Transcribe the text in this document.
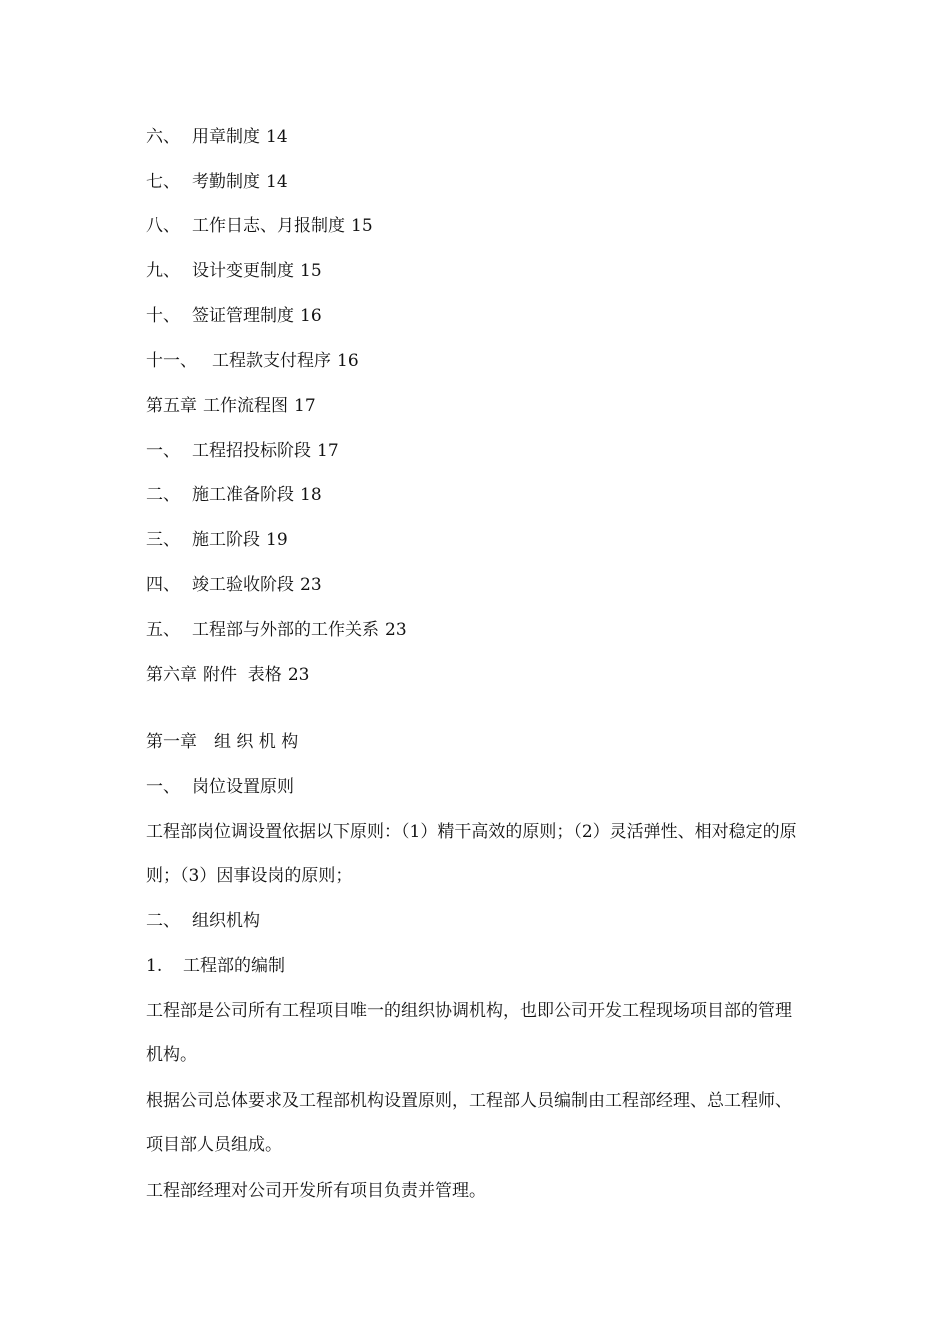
六、 用章制度 14
七、 考勤制度 14
八、 工作日志、月报制度 15
九、 设计变更制度 15
十、 签证管理制度 16
十一、 工程款支付程序 16
第五章 工作流程图 17
一、 工程招投标阶段 17
二、 施工准备阶段 18
三、 施工阶段 19
四、 竣工验收阶段 23
五、 工程部与外部的工作关系 23
第六章 附件  表格 23
第一章 组 织 机 构
一、 岗位设置原则
工程部岗位调设置依据以下原则：（1）精干高效的原则；（2）灵活弹性、相对稳定的原则；（3）因事设岗的原则；
二、 组织机构
1. 工程部的编制
工程部是公司所有工程项目唯一的组织协调机构，也即公司开发工程现场项目部的管理机构。
根据公司总体要求及工程部机构设置原则，工程部人员编制由工程部经理、总工程师、项目部人员组成。
工程部经理对公司开发所有项目负责并管理。
